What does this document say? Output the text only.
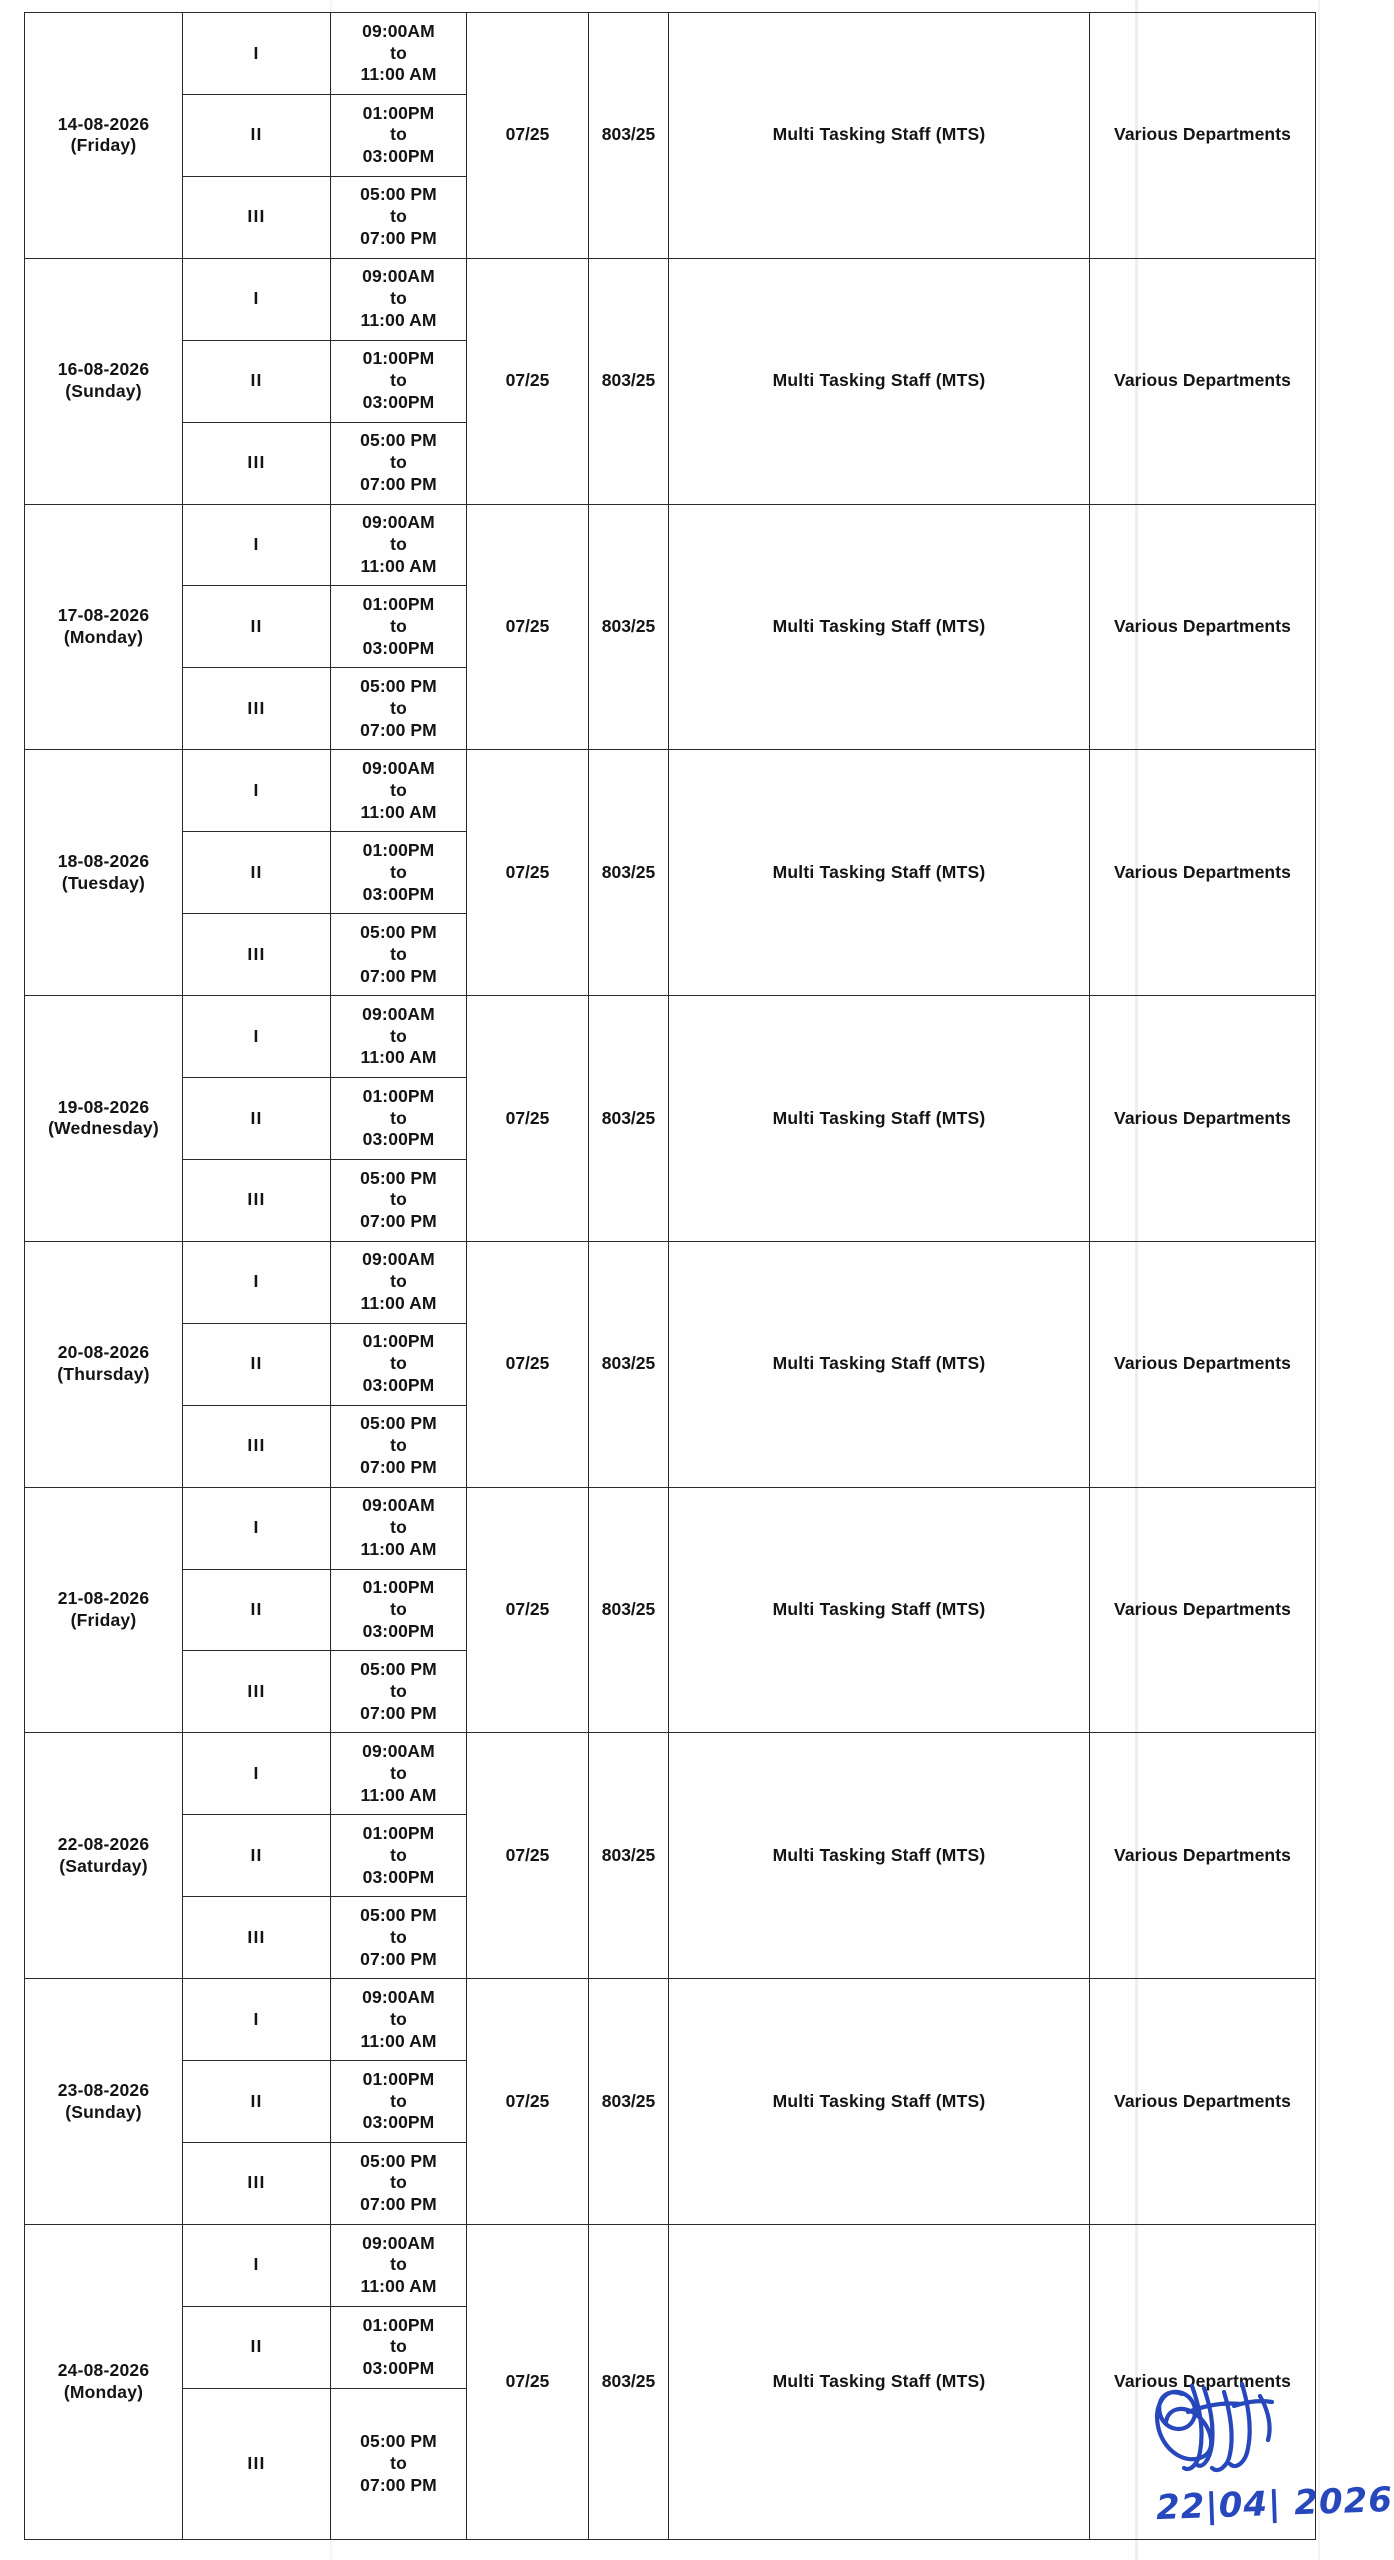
14-08-2026
(Friday)	I	09:00AM
to
11:00 AM	07/25	803/25	Multi Tasking Staff (MTS)	Various Departments
	II	01:00PM
to
03:00PM				

	III	05:00 PM
to
07:00 PM				

16-08-2026
(Sunday)	I	09:00AM
to
11:00 AM	07/25	803/25	Multi Tasking Staff (MTS)	Various Departments
	II	01:00PM
to
03:00PM				

	III	05:00 PM
to
07:00 PM				

17-08-2026
(Monday)	I	09:00AM
to
11:00 AM	07/25	803/25	Multi Tasking Staff (MTS)	Various Departments
	II	01:00PM
to
03:00PM				

	III	05:00 PM
to
07:00 PM				

18-08-2026
(Tuesday)	I	09:00AM
to
11:00 AM	07/25	803/25	Multi Tasking Staff (MTS)	Various Departments
	II	01:00PM
to
03:00PM				

	III	05:00 PM
to
07:00 PM				

19-08-2026
(Wednesday)	I	09:00AM
to
11:00 AM	07/25	803/25	Multi Tasking Staff (MTS)	Various Departments
	II	01:00PM
to
03:00PM				

	III	05:00 PM
to
07:00 PM				

20-08-2026
(Thursday)	I	09:00AM
to
11:00 AM	07/25	803/25	Multi Tasking Staff (MTS)	Various Departments
	II	01:00PM
to
03:00PM				

	III	05:00 PM
to
07:00 PM				

21-08-2026
(Friday)	I	09:00AM
to
11:00 AM	07/25	803/25	Multi Tasking Staff (MTS)	Various Departments
	II	01:00PM
to
03:00PM				

	III	05:00 PM
to
07:00 PM				

22-08-2026
(Saturday)	I	09:00AM
to
11:00 AM	07/25	803/25	Multi Tasking Staff (MTS)	Various Departments
	II	01:00PM
to
03:00PM				

	III	05:00 PM
to
07:00 PM				

23-08-2026
(Sunday)	I	09:00AM
to
11:00 AM	07/25	803/25	Multi Tasking Staff (MTS)	Various Departments
	II	01:00PM
to
03:00PM				

	III	05:00 PM
to
07:00 PM				

24-08-2026
(Monday)	I	09:00AM
to
11:00 AM	07/25	803/25	Multi Tasking Staff (MTS)	Various Departments
	II	01:00PM
to
03:00PM				

	III	05:00 PM
to
07:00 PM					22|04| 2026
